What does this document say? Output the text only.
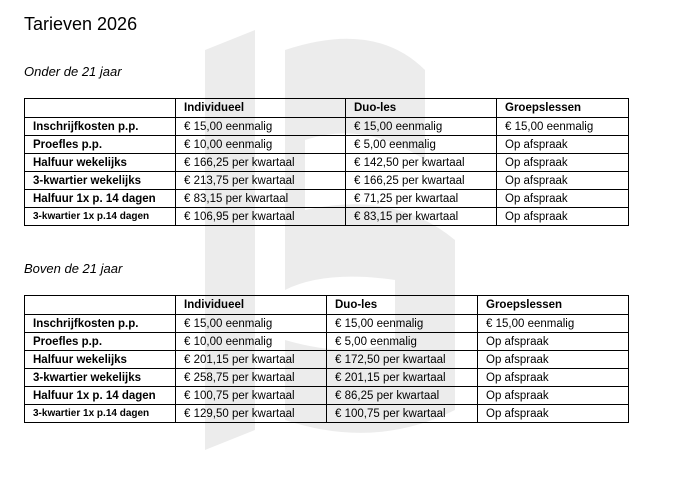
Tarieven 2026
Onder de 21 jaar
	Individueel	Duo-les	Groepslessen
Inschrijfkosten p.p.	€ 15,00 eenmalig	€ 15,00 eenmalig	€ 15,00 eenmalig
Proefles p.p.	€ 10,00 eenmalig	€ 5,00 eenmalig	Op afspraak
Halfuur wekelijks	€ 166,25 per kwartaal	€ 142,50 per kwartaal	Op afspraak
3-kwartier wekelijks	€ 213,75 per kwartaal	€ 166,25 per kwartaal	Op afspraak
Halfuur 1x p. 14 dagen	€ 83,15 per kwartaal	€ 71,25 per kwartaal	Op afspraak
3-kwartier 1x p.14 dagen	€ 106,95 per kwartaal	€ 83,15 per kwartaal	Op afspraak
Boven de 21 jaar
	Individueel	Duo-les	Groepslessen
Inschrijfkosten p.p.	€ 15,00 eenmalig	€ 15,00 eenmalig	€ 15,00 eenmalig
Proefles p.p.	€ 10,00 eenmalig	€ 5,00 eenmalig	Op afspraak
Halfuur wekelijks	€ 201,15 per kwartaal	€ 172,50 per kwartaal	Op afspraak
3-kwartier wekelijks	€ 258,75 per kwartaal	€ 201,15 per kwartaal	Op afspraak
Halfuur 1x p. 14 dagen	€ 100,75 per kwartaal	€ 86,25 per kwartaal	Op afspraak
3-kwartier 1x p.14 dagen	€ 129,50 per kwartaal	€ 100,75 per kwartaal	Op afspraak
